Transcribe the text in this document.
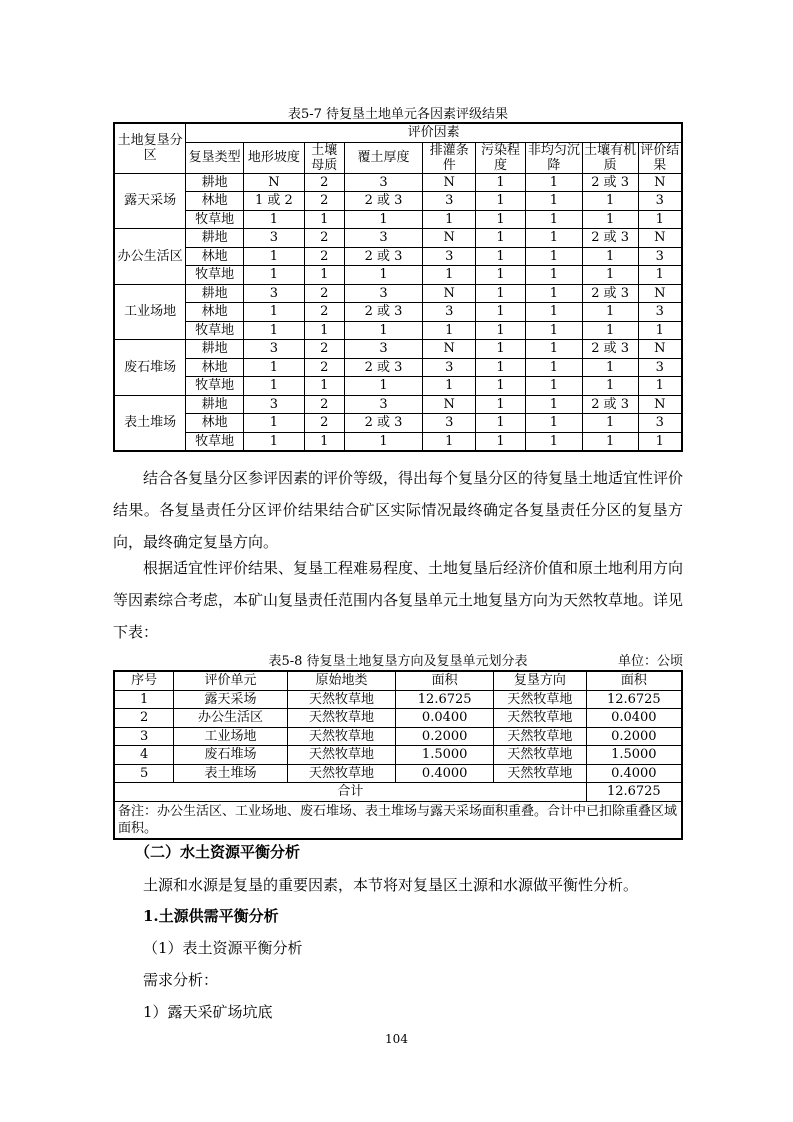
表5-7 待复垦土地单元各因素评级结果
土地复垦分区	评价因素								
	复垦类型	地形坡度	土壤母质	覆土厚度	排灌条件	污染程度	非均匀沉降	土壤有机质	评价结果
露天采场	耕地	N	2	3	N	1	1	2 或 3	N
	林地	1 或 2	2	2 或 3	3	1	1	1	3
	牧草地	1	1	1	1	1	1	1	1
办公生活区	耕地	3	2	3	N	1	1	2 或 3	N
	林地	1	2	2 或 3	3	1	1	1	3
	牧草地	1	1	1	1	1	1	1	1
工业场地	耕地	3	2	3	N	1	1	2 或 3	N
	林地	1	2	2 或 3	3	1	1	1	3
	牧草地	1	1	1	1	1	1	1	1
废石堆场	耕地	3	2	3	N	1	1	2 或 3	N
	林地	1	2	2 或 3	3	1	1	1	3
	牧草地	1	1	1	1	1	1	1	1
表土堆场	耕地	3	2	3	N	1	1	2 或 3	N
	林地	1	2	2 或 3	3	1	1	1	3
	牧草地	1	1	1	1	1	1	1	1

结合各复垦分区参评因素的评价等级，得出每个复垦分区的待复垦土地适宜性评价结果。各复垦责任分区评价结果结合矿区实际情况最终确定各复垦责任分区的复垦方向，最终确定复垦方向。

根据适宜性评价结果、复垦工程难易程度、土地复垦后经济价值和原土地利用方向等因素综合考虑，本矿山复垦责任范围内各复垦单元土地复垦方向为天然牧草地。详见下表：

表5-8 待复垦土地复垦方向及复垦单元划分表	单位：公顷
序号	评价单元	原始地类	面积	复垦方向	面积
1	露天采场	天然牧草地	12.6725	天然牧草地	12.6725
2	办公生活区	天然牧草地	0.0400	天然牧草地	0.0400
3	工业场地	天然牧草地	0.2000	天然牧草地	0.2000
4	废石堆场	天然牧草地	1.5000	天然牧草地	1.5000
5	表土堆场	天然牧草地	0.4000	天然牧草地	0.4000
合计					12.6725
备注：办公生活区、工业场地、废石堆场、表土堆场与露天采场面积重叠。合计中已扣除重叠区域面积。					
（二）水土资源平衡分析
土源和水源是复垦的重要因素，本节将对复垦区土源和水源做平衡性分析。
1.土源供需平衡分析
（1）表土资源平衡分析
需求分析：
1）露天采矿场坑底
104
